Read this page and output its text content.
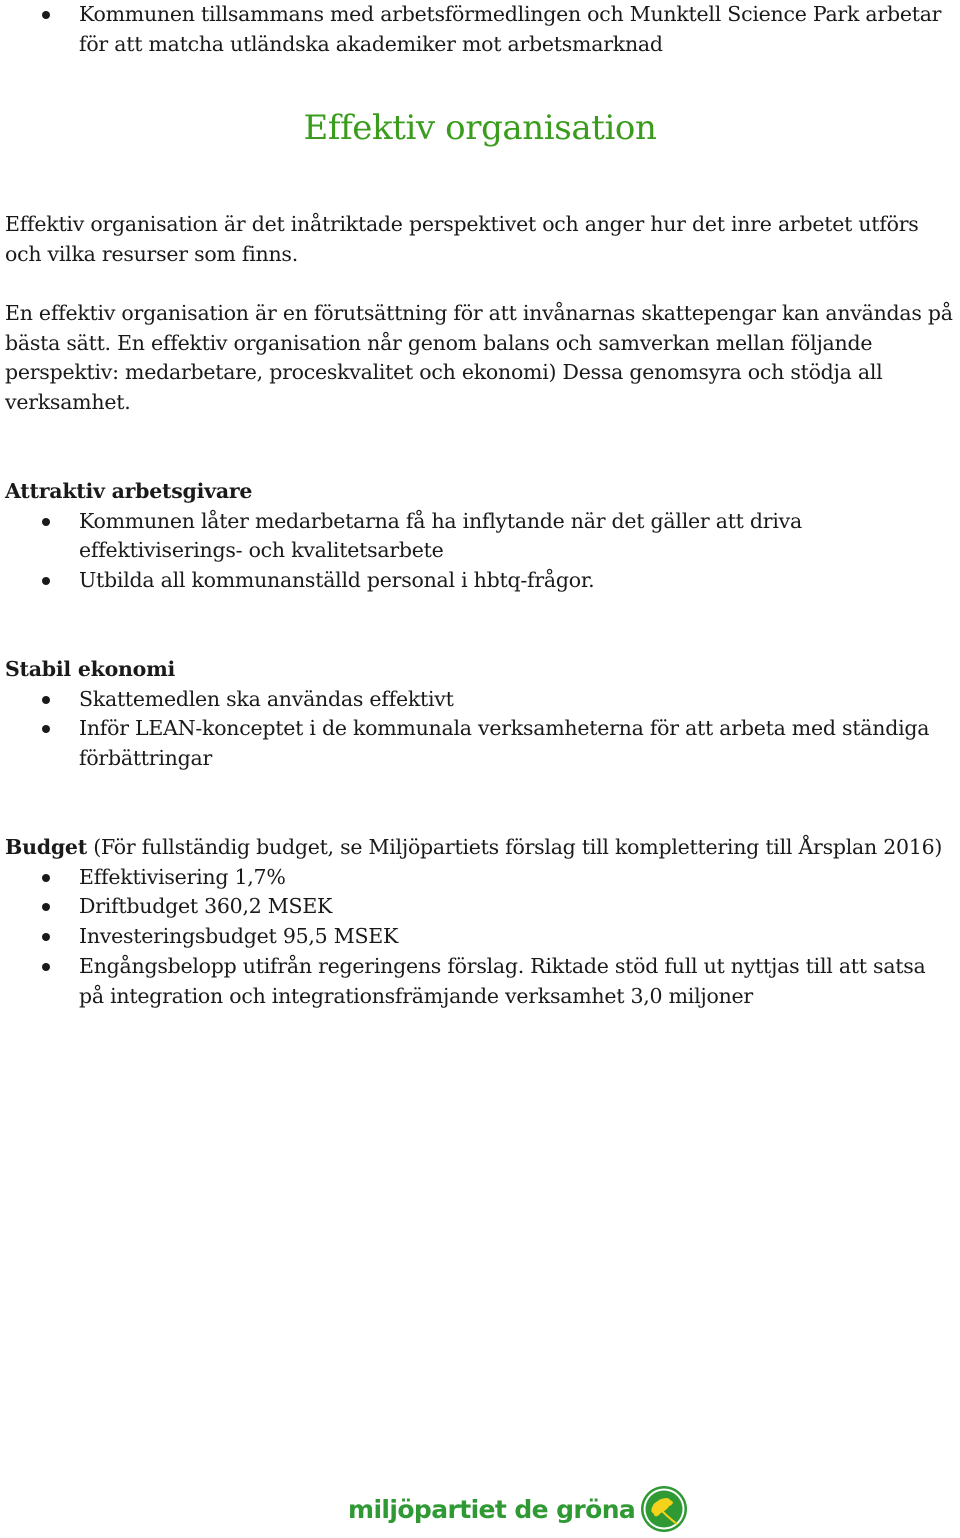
Kommunen tillsammans med arbetsförmedlingen och Munktell Science Park arbetar för att matcha utländska akademiker mot arbetsmarknad
Effektiv organisation

Effektiv organisation är det inåtriktade perspektivet och anger hur det inre arbetet utförs och vilka resurser som finns.

En effektiv organisation är en förutsättning för att invånarnas skattepengar kan användas på bästa sätt. En effektiv organisation når genom balans och samverkan mellan följande perspektiv: medarbetare, proceskvalitet och ekonomi) Dessa genomsyra och stödja all verksamhet.

Attraktiv arbetsgivare

Kommunen låter medarbetarna få ha inflytande när det gäller att driva effektiviserings- och kvalitetsarbete
Utbilda all kommunanställd personal i hbtq-frågor.

Stabil ekonomi

Skattemedlen ska användas effektivt
Inför LEAN-konceptet i de kommunala verksamheterna för att arbeta med ständiga förbättringar

Budget (För fullständig budget, se Miljöpartiets förslag till komplettering till Årsplan 2016)

Effektivisering 1,7%
Driftbudget 360,2 MSEK
Investeringsbudget 95,5 MSEK
Engångsbelopp utifrån regeringens förslag. Riktade stöd full ut nyttjas till att satsa på integration och integrationsfrämjande verksamhet 3,0 miljoner
miljöpartiet de gröna
